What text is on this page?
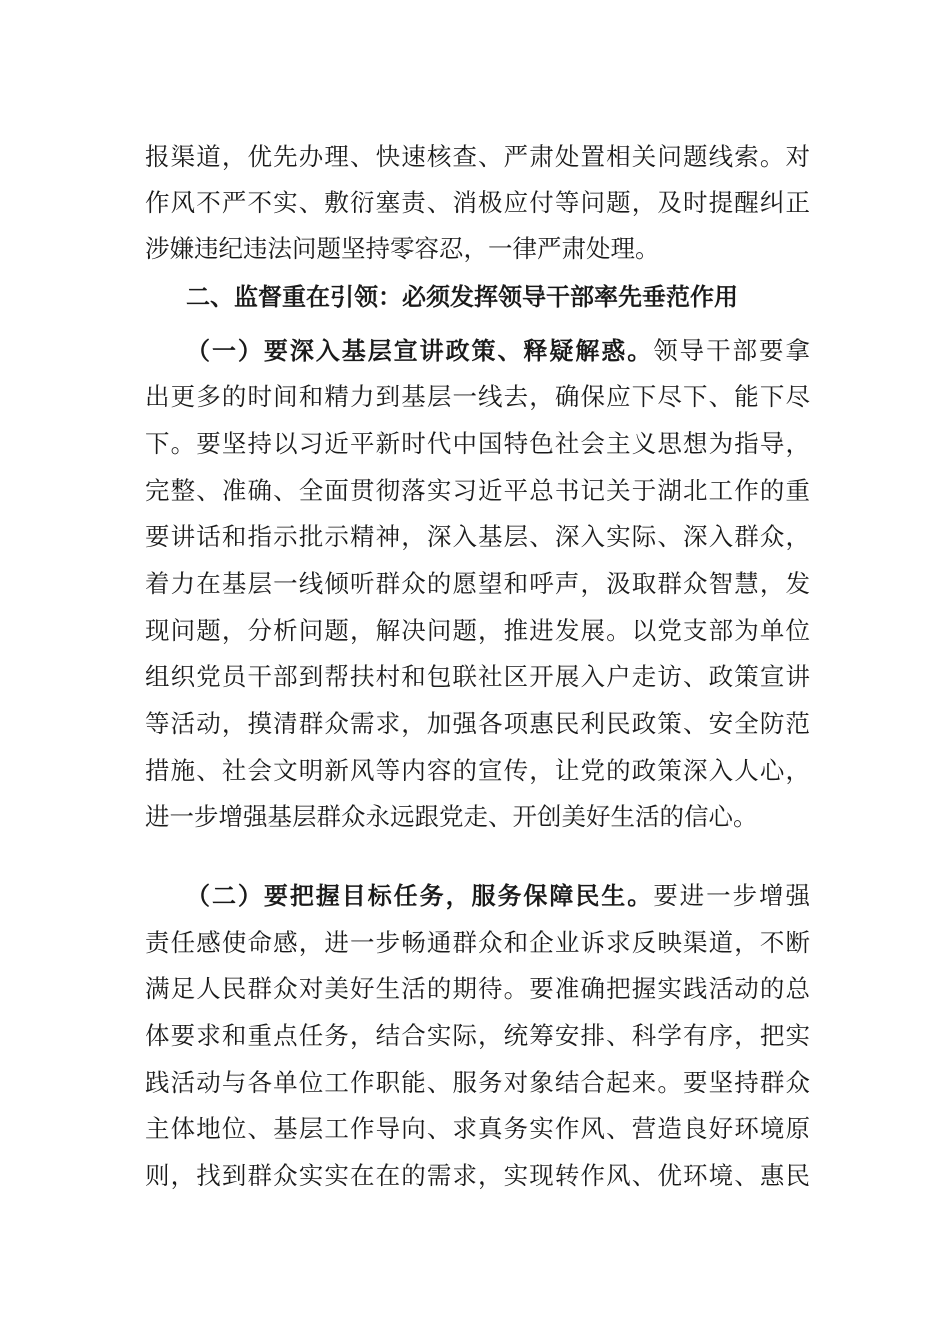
报渠道，优先办理、快速核查、严肃处置相关问题线索。对
作风不严不实、敷衍塞责、消极应付等问题，及时提醒纠正
涉嫌违纪违法问题坚持零容忍，一律严肃处理。
二、监督重在引领：必须发挥领导干部率先垂范作用
（一）要深入基层宣讲政策、释疑解惑。领导干部要拿
出更多的时间和精力到基层一线去，确保应下尽下、能下尽
下。要坚持以习近平新时代中国特色社会主义思想为指导，
完整、准确、全面贯彻落实习近平总书记关于湖北工作的重
要讲话和指示批示精神，深入基层、深入实际、深入群众，
着力在基层一线倾听群众的愿望和呼声，汲取群众智慧，发
现问题，分析问题，解决问题，推进发展。以党支部为单位
组织党员干部到帮扶村和包联社区开展入户走访、政策宣讲
等活动，摸清群众需求，加强各项惠民利民政策、安全防范
措施、社会文明新风等内容的宣传，让党的政策深入人心，
进一步增强基层群众永远跟党走、开创美好生活的信心。
（二）要把握目标任务，服务保障民生。要进一步增强
责任感使命感，进一步畅通群众和企业诉求反映渠道，不断
满足人民群众对美好生活的期待。要准确把握实践活动的总
体要求和重点任务，结合实际，统筹安排、科学有序，把实
践活动与各单位工作职能、服务对象结合起来。要坚持群众
主体地位、基层工作导向、求真务实作风、营造良好环境原
则，找到群众实实在在的需求，实现转作风、优环境、惠民
